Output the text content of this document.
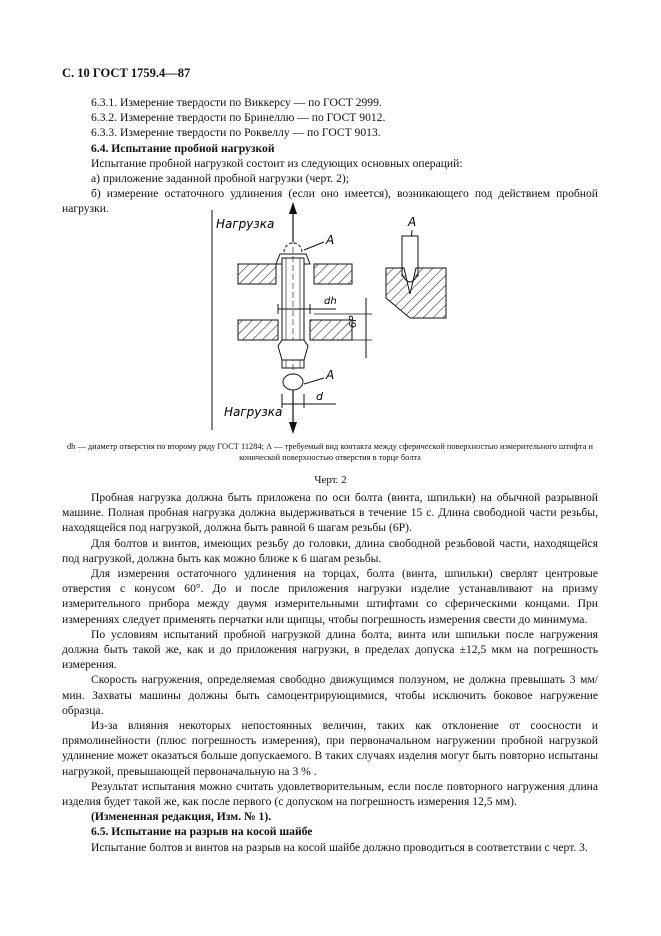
С. 10 ГОСТ 1759.4—87

6.3.1. Измерение твердости по Виккерсу — по ГОСТ 2999.

6.3.2. Измерение твердости по Бринеллю — по ГОСТ 9012.

6.3.3. Измерение твердости по Роквеллу — по ГОСТ 9013.

6.4. Испытание пробной нагрузкой

Испытание пробной нагрузкой состоит из следующих основных операций:

а) приложение заданной пробной нагрузки (черт. 2);

б) измерение остаточного удлинения (если оно имеется), возникающего под действием пробной нагрузки.

Нагрузка
Нагрузка
А
А
dh
6P
d
А
dh — диаметр отверстия по второму ряду ГОСТ 11284; А — требуемый вид контакта между сферической поверхностью измерительного штифта и конической поверхностью отверстия в торце болта
Черт. 2

Пробная нагрузка должна быть приложена по оси болта (винта, шпильки) на обычной разрывной машине. Полная пробная нагрузка должна выдерживаться в течение 15 с. Длина свободной части резьбы, находящейся под нагрузкой, должна быть равной 6 шагам резьбы (6P).

Для болтов и винтов, имеющих резьбу до головки, длина свободной резьбовой части, находящейся под нагрузкой, должна быть как можно ближе к 6 шагам резьбы.

Для измерения остаточного удлинения на торцах, болта (винта, шпильки) сверлят центровые отверстия с конусом 60°. До и после приложения нагрузки изделие устанавливают на призму измерительного прибора между двумя измерительными штифтами со сферическими концами. При измерениях следует применять перчатки или щипцы, чтобы погрешность измерения свести до минимума.

По условиям испытаний пробной нагрузкой длина болта, винта или шпильки после нагружения должна быть такой же, как и до приложения нагрузки, в пределах допуска ±12,5 мкм на погрешность измерения.

Скорость нагружения, определяемая свободно движущимся ползуном, не должна превышать 3 мм/мин. Захваты машины должны быть самоцентрирующимися, чтобы исключить боковое нагружение образца.

Из-за влияния некоторых непостоянных величин, таких как отклонение от соосности и прямолинейности (плюс погрешность измерения), при первоначальном нагружении пробной нагрузкой удлинение может оказаться больше допускаемого. В таких случаях изделия могут быть повторно испытаны нагрузкой, превышающей первоначальную на 3 % .

Результат испытания можно считать удовлетворительным, если после повторного нагружения длина изделия будет такой же, как после первого (с допуском на погрешность измерения 12,5 мм).

(Измененная редакция, Изм. № 1).

6.5. Испытание на разрыв на косой шайбе

Испытание болтов и винтов на разрыв на косой шайбе должно проводиться в соответствии с черт. 3.
